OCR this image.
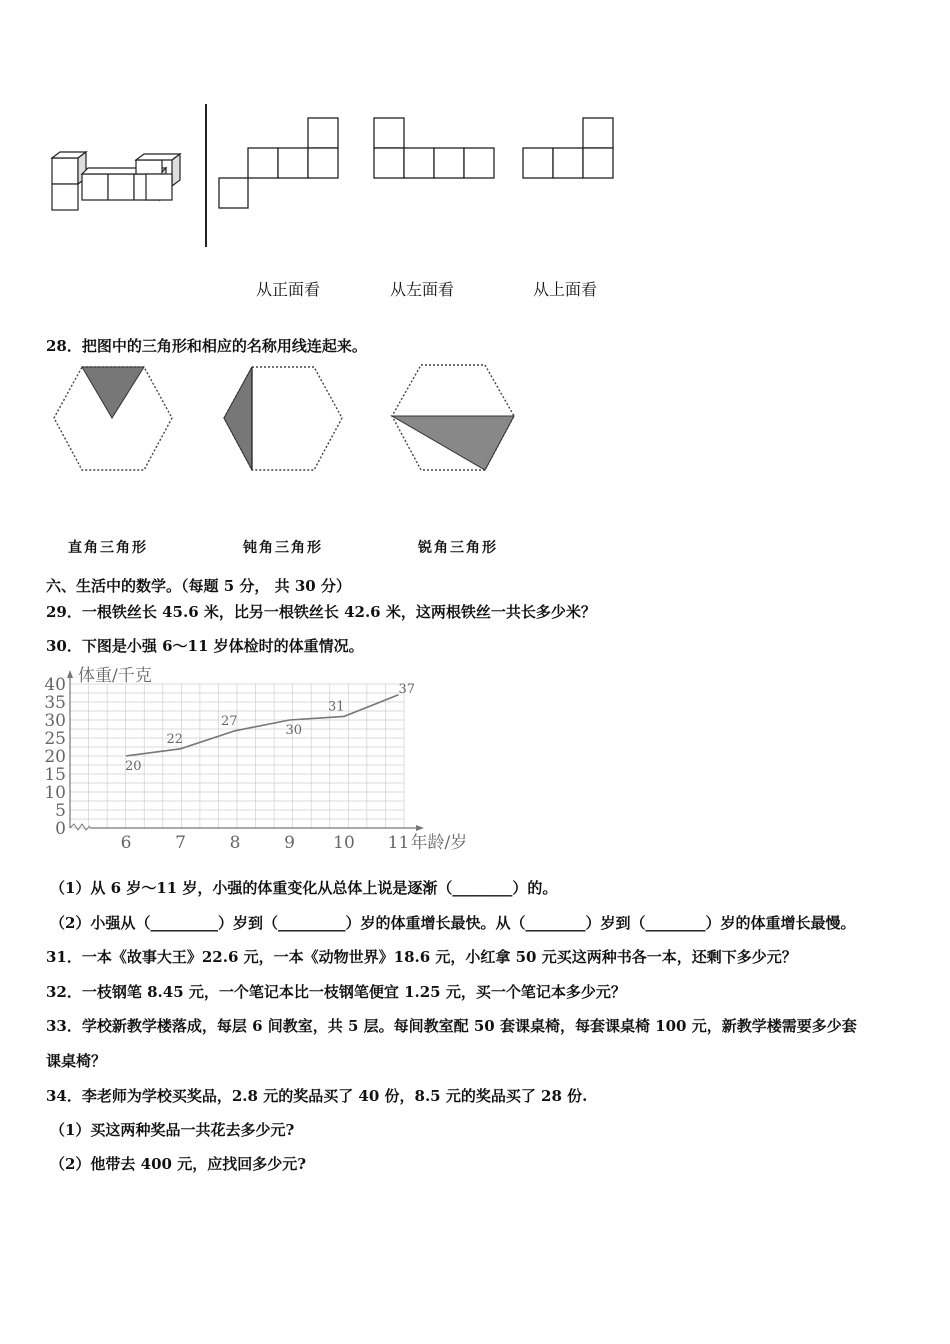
从正面看	从左面看	从上面看
28．把图中的三角形和相应的名称用线连起来。
直角三角形	钝角三角形	锐角三角形
六、生活中的数学。（每题 5 分， 共 30 分）
29．一根铁丝长 45.6 米，比另一根铁丝长 42.6 米，这两根铁丝一共长多少米？
30．下图是小强 6～11 岁体检时的体重情况。
0
5
10
15
20
25
30
35
40
6	7	8	9 10 11
体重/千克
年龄/岁
20
22
27
30
31
37
（1）从 6 岁～11 岁，小强的体重变化从总体上说是逐渐（________）的。
（2）小强从（_________）岁到（_________）岁的体重增长最快。从（________）岁到（________）岁的体重增长最慢。
31．一本《故事大王》22.6 元，一本《动物世界》18.6 元，小红拿 50 元买这两种书各一本，还剩下多少元？
32．一枝钢笔 8.45 元，一个笔记本比一枝钢笔便宜 1.25 元，买一个笔记本多少元？
33．学校新教学楼落成，每层 6 间教室，共 5 层。每间教室配 50 套课桌椅，每套课桌椅 100 元，新教学楼需要多少套
课桌椅？
34．李老师为学校买奖品，2.8 元的奖品买了 40 份，8.5 元的奖品买了 28 份.
（1）买这两种奖品一共花去多少元?
（2）他带去 400 元，应找回多少元?
